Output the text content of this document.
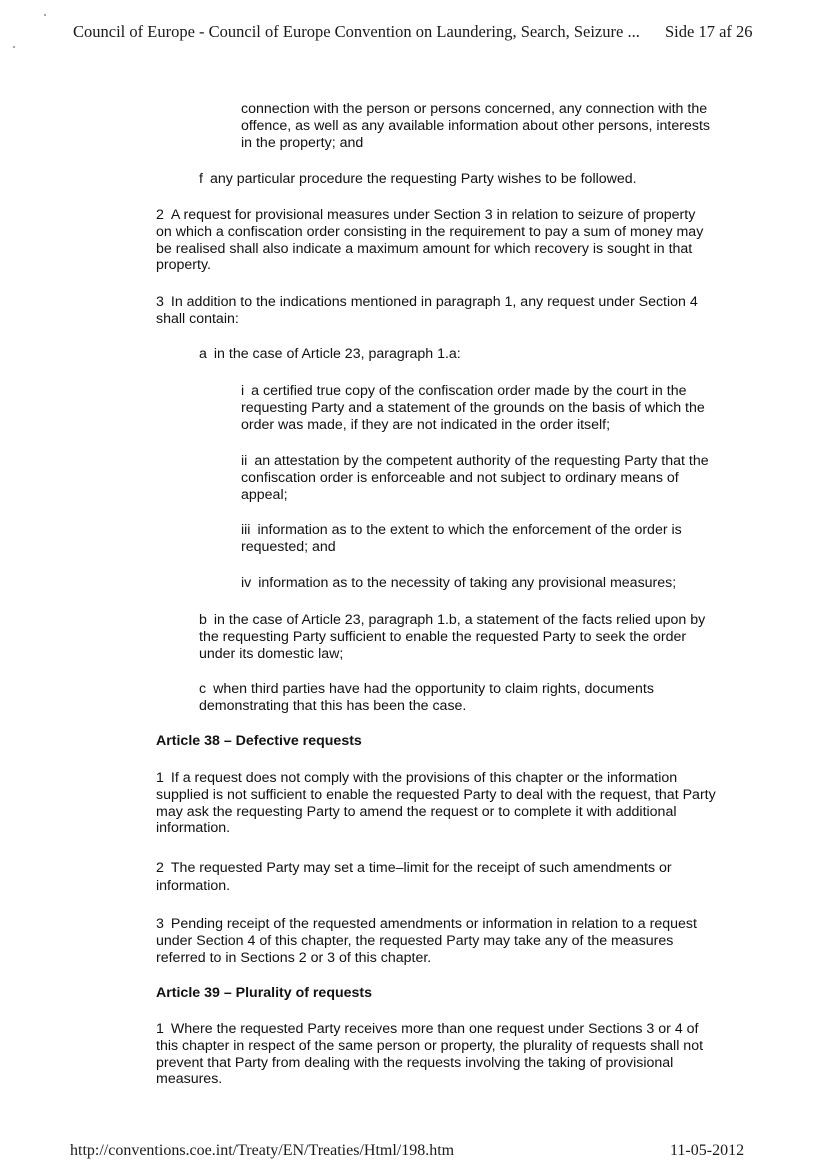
Council of Europe - Council of Europe Convention on Laundering, Search, Seizure ... Side 17 af 26
connection with the person or persons concerned, any connection with the
offence, as well as any available information about other persons, interests
in the property; and
f any particular procedure the requesting Party wishes to be followed.
2 A request for provisional measures under Section 3 in relation to seizure of property
on which a confiscation order consisting in the requirement to pay a sum of money may
be realised shall also indicate a maximum amount for which recovery is sought in that
property.
3 In addition to the indications mentioned in paragraph 1, any request under Section 4
shall contain:
a in the case of Article 23, paragraph 1.a:
i a certified true copy of the confiscation order made by the court in the
requesting Party and a statement of the grounds on the basis of which the
order was made, if they are not indicated in the order itself;
ii an attestation by the competent authority of the requesting Party that the
confiscation order is enforceable and not subject to ordinary means of
appeal;
iii information as to the extent to which the enforcement of the order is
requested; and
iv information as to the necessity of taking any provisional measures;
b in the case of Article 23, paragraph 1.b, a statement of the facts relied upon by
the requesting Party sufficient to enable the requested Party to seek the order
under its domestic law;
c when third parties have had the opportunity to claim rights, documents
demonstrating that this has been the case.
Article 38 – Defective requests
1 If a request does not comply with the provisions of this chapter or the information
supplied is not sufficient to enable the requested Party to deal with the request, that Party
may ask the requesting Party to amend the request or to complete it with additional
information.
2 The requested Party may set a time–limit for the receipt of such amendments or
information.
3 Pending receipt of the requested amendments or information in relation to a request
under Section 4 of this chapter, the requested Party may take any of the measures
referred to in Sections 2 or 3 of this chapter.
Article 39 – Plurality of requests
1 Where the requested Party receives more than one request under Sections 3 or 4 of
this chapter in respect of the same person or property, the plurality of requests shall not
prevent that Party from dealing with the requests involving the taking of provisional
measures.
http://conventions.coe.int/Treaty/EN/Treaties/Html/198.htm	11-05-2012
